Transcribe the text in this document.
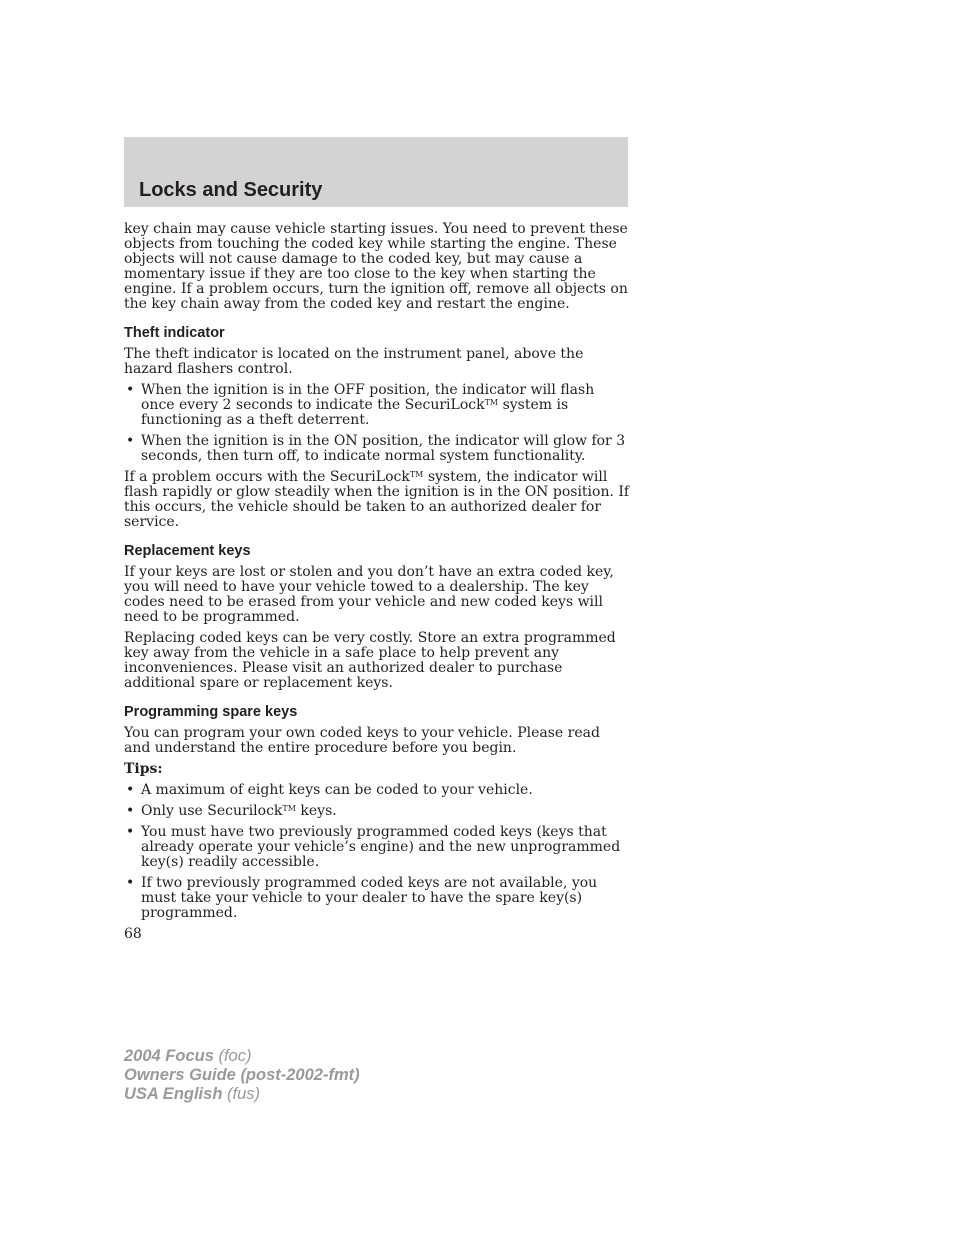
Locks and Security

key chain may cause vehicle starting issues. You need to prevent these objects from touching the coded key while starting the engine. These objects will not cause damage to the coded key, but may cause a momentary issue if they are too close to the key when starting the engine. If a problem occurs, turn the ignition off, remove all objects on the key chain away from the coded key and restart the engine.

Theft indicator

The theft indicator is located on the instrument panel, above the hazard flashers control.

• When the ignition is in the OFF position, the indicator will flash once every 2 seconds to indicate the SecuriLock™ system is functioning as a theft deterrent.
• When the ignition is in the ON position, the indicator will glow for 3 seconds, then turn off, to indicate normal system functionality.

If a problem occurs with the SecuriLock™ system, the indicator will flash rapidly or glow steadily when the ignition is in the ON position. If this occurs, the vehicle should be taken to an authorized dealer for service.

Replacement keys

If your keys are lost or stolen and you don’t have an extra coded key, you will need to have your vehicle towed to a dealership. The key codes need to be erased from your vehicle and new coded keys will need to be programmed.

Replacing coded keys can be very costly. Store an extra programmed key away from the vehicle in a safe place to help prevent any inconveniences. Please visit an authorized dealer to purchase additional spare or replacement keys.

Programming spare keys

You can program your own coded keys to your vehicle. Please read and understand the entire procedure before you begin.

Tips:

• A maximum of eight keys can be coded to your vehicle.
• Only use Securilock™ keys.
• You must have two previously programmed coded keys (keys that already operate your vehicle’s engine) and the new unprogrammed key(s) readily accessible.
• If two previously programmed coded keys are not available, you must take your vehicle to your dealer to have the spare key(s) programmed.
68
2004 Focus (foc)
Owners Guide (post-2002-fmt)
USA English (fus)
